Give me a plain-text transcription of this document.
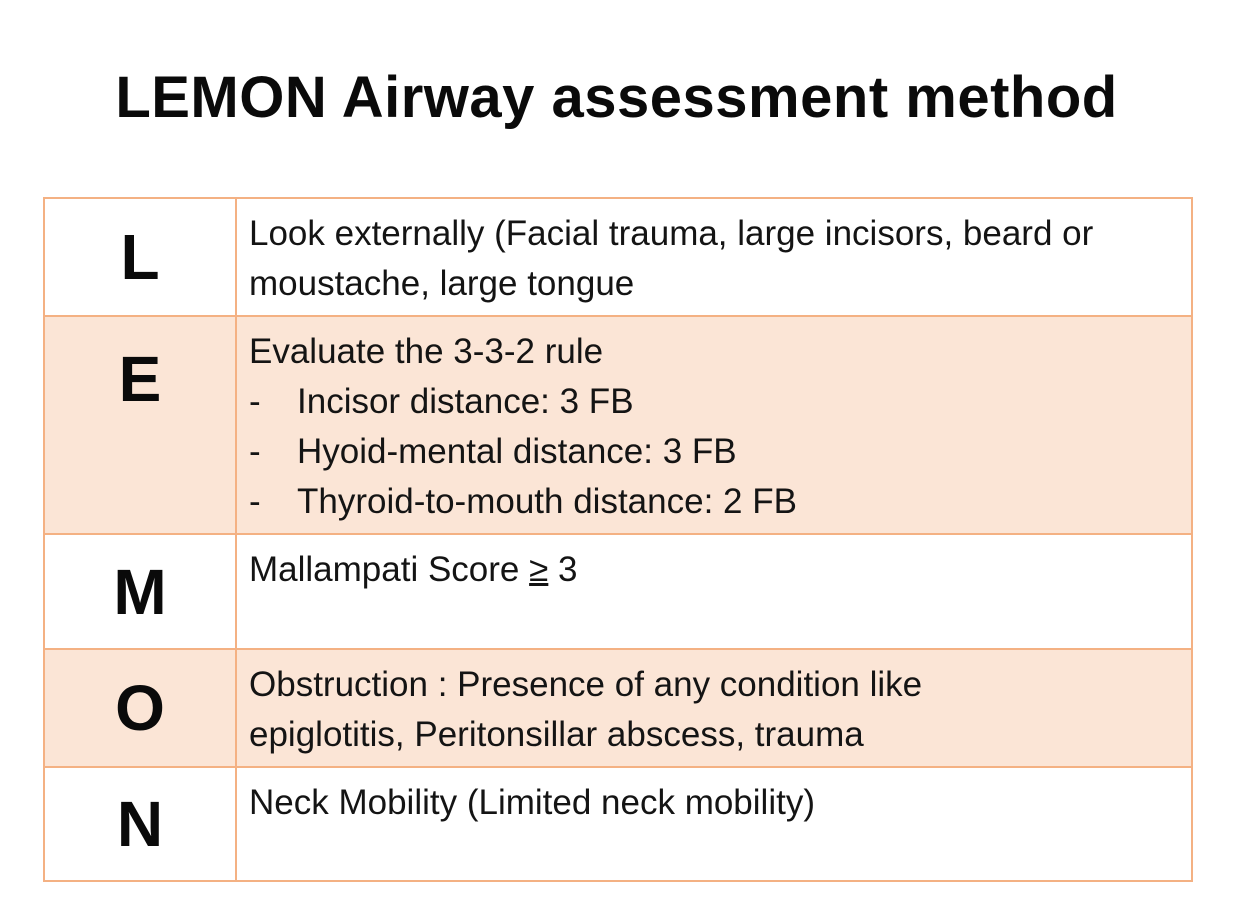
LEMON Airway assessment method
L	Look externally (Facial trauma, large incisors, beard or
moustache, large tongue

E	Evaluate the 3-3-2 rule
- Incisor distance: 3 FB
- Hyoid-mental distance: 3 FB
- Thyroid-to-mouth distance: 2 FB

M	Mallampati Score ≥ 3

O	Obstruction : Presence of any condition like
epiglotitis, Peritonsillar abscess, trauma

N	Neck Mobility (Limited neck mobility)
